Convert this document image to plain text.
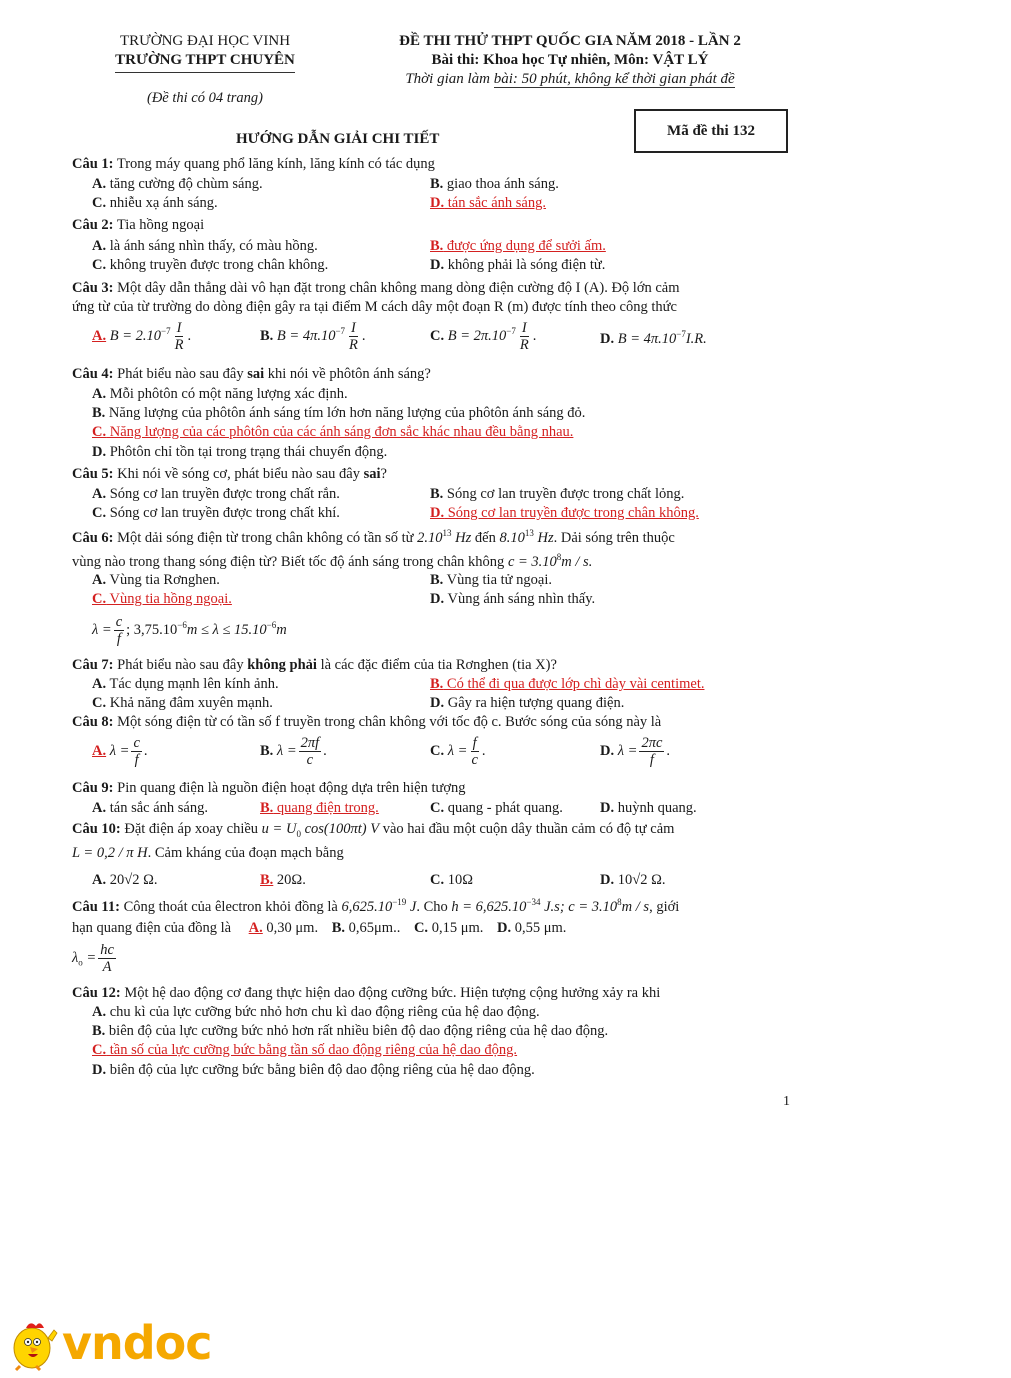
TRƯỜNG ĐẠI HỌC VINH
TRƯỜNG THPT CHUYÊN
(Đề thi có 04 trang)
ĐỀ THI THỬ THPT QUỐC GIA NĂM 2018 - LẦN 2
Bài thi: Khoa học Tự nhiên, Môn: VẬT LÝ
Thời gian làm bài: 50 phút, không kể thời gian phát đề
HƯỚNG DẪN GIẢI CHI TIẾT
Mã đề thi 132
Câu 1: Trong máy quang phổ lăng kính, lăng kính có tác dụng
A. tăng cường độ chùm sáng.	B. giao thoa ánh sáng.
C. nhiễu xạ ánh sáng.	D. tán sắc ánh sáng.
Câu 2: Tia hồng ngoại
A. là ánh sáng nhìn thấy, có màu hồng.	B. được ứng dụng để sưởi ấm.
C. không truyền được trong chân không.	D. không phải là sóng điện từ.
Câu 3: Một dây dẫn thẳng dài vô hạn đặt trong chân không mang dòng điện cường độ I (A). Độ lớn cảm
ứng từ của từ trường do dòng điện gây ra tại điểm M cách dây một đoạn R (m) được tính theo công thức
A. $B = 2.10^{-7} \frac{I}{R}$ .	B. $B = 4\pi.10^{-7} \frac{I}{R}$ .	C. $B = 2\pi.10^{-7} \frac{I}{R}$ .	D. $B = 4\pi.10^{-7}I.R$.
Câu 4: Phát biểu nào sau đây sai khi nói về phôtôn ánh sáng?
A. Mỗi phôtôn có một năng lượng xác định.
B. Năng lượng của phôtôn ánh sáng tím lớn hơn năng lượng của phôtôn ánh sáng đỏ.
C. Năng lượng của các phôtôn của các ánh sáng đơn sắc khác nhau đều bằng nhau.
D. Phôtôn chỉ tồn tại trong trạng thái chuyển động.
Câu 5: Khi nói về sóng cơ, phát biểu nào sau đây sai?
A. Sóng cơ lan truyền được trong chất rắn.	B. Sóng cơ lan truyền được trong chất lỏng.
C. Sóng cơ lan truyền được trong chất khí.	D. Sóng cơ lan truyền được trong chân không.
Câu 6: Một dải sóng điện từ trong chân không có tần số từ 2.10$^{13}$ Hz đến 8.10$^{13}$ Hz. Dải sóng trên thuộc
vùng nào trong thang sóng điện từ? Biết tốc độ ánh sáng trong chân không $c = 3.10^8m / s$.
A. Vùng tia Rơnghen.	B. Vùng tia tử ngoại.
C. Vùng tia hồng ngoại.	D. Vùng ánh sáng nhìn thấy.
$\lambda = \frac{c}{f}$ ; $3,75.10^{-6}m \le \lambda \le 15.10^{-6}m$
Câu 7: Phát biểu nào sau đây không phải là các đặc điểm của tia Rơnghen (tia X)?
A. Tác dụng mạnh lên kính ảnh.	B. Có thể đi qua được lớp chì dày vài centimet.
C. Khả năng đâm xuyên mạnh.	D. Gây ra hiện tượng quang điện.
Câu 8: Một sóng điện từ có tần số f truyền trong chân không với tốc độ c. Bước sóng của sóng này là
A. $\lambda = \frac{c}{f}$ .	B. $\lambda = \frac{2\pi f}{c}$ .	C. $\lambda = \frac{f}{c}$ .	D. $\lambda = \frac{2\pi c}{f}$ .
Câu 9: Pin quang điện là nguồn điện hoạt động dựa trên hiện tượng
A. tán sắc ánh sáng.	B. quang điện trong.	C. quang - phát quang.	D. huỳnh quang.
Câu 10: Đặt điện áp xoay chiều $u = U_0$ cos(100πt) V vào hai đầu một cuộn dây thuần cảm có độ tự cảm
L = 0,2 / π H. Cảm kháng của đoạn mạch bằng
A. 20√2 Ω.	B. 20Ω.	C. 10Ω	D. 10√2 Ω.
Câu 11: Công thoát của êlectron khỏi đồng là $6,625.10^{-19}$ J. Cho $h = 6,625.10^{-34}$ J.s; $c = 3.10^8m / s$, giới
hạn quang điện của đồng là A. 0,30 μm. B. 0,65μm.. C. 0,15 μm. D. 0,55 μm.
$\lambda_o = \frac{hc}{A}$
Câu 12: Một hệ dao động cơ đang thực hiện dao động cưỡng bức. Hiện tượng cộng hưởng xảy ra khi
A. chu kì của lực cưỡng bức nhỏ hơn chu kì dao động riêng của hệ dao động.
B. biên độ của lực cưỡng bức nhỏ hơn rất nhiều biên độ dao động riêng của hệ dao động.
C. tần số của lực cưỡng bức bằng tần số dao động riêng của hệ dao động.
D. biên độ của lực cưỡng bức bằng biên độ dao động riêng của hệ dao động.
1
vndoc
